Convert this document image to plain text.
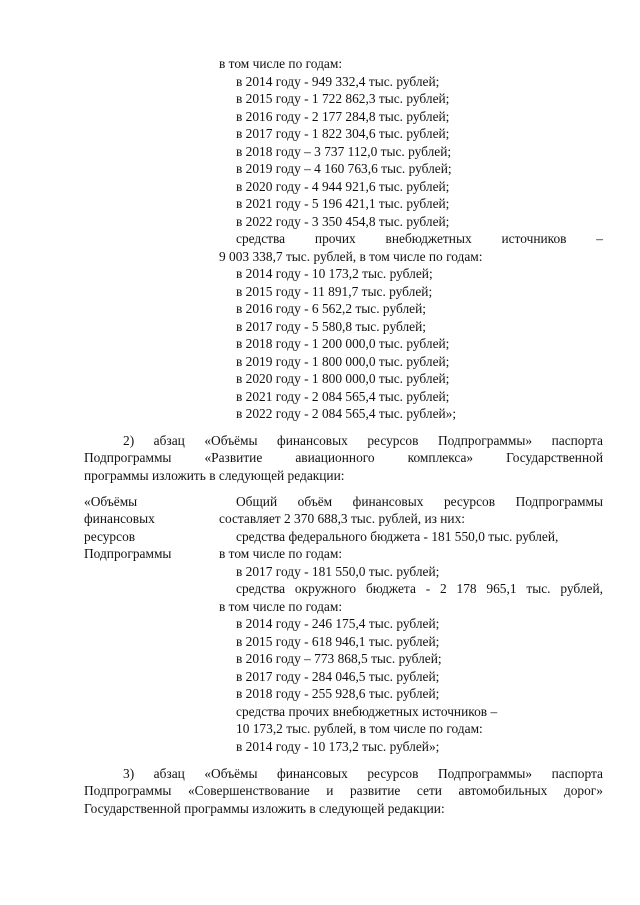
в том числе по годам:
в 2014 году - 949 332,4 тыс. рублей;
в 2015 году - 1 722 862,3 тыс. рублей;
в 2016 году - 2 177 284,8 тыс. рублей;
в 2017 году - 1 822 304,6 тыс. рублей;
в 2018 году – 3 737 112,0 тыс. рублей;
в 2019 году – 4 160 763,6 тыс. рублей;
в 2020 году - 4 944 921,6 тыс. рублей;
в 2021 году - 5 196 421,1 тыс. рублей;
в 2022 году - 3 350 454,8 тыс. рублей;
средства прочих внебюджетных источников –
9 003 338,7 тыс. рублей, в том числе по годам:
в 2014 году - 10 173,2 тыс. рублей;
в 2015 году - 11 891,7 тыс. рублей;
в 2016 году - 6 562,2 тыс. рублей;
в 2017 году - 5 580,8 тыс. рублей;
в 2018 году - 1 200 000,0 тыс. рублей;
в 2019 году - 1 800 000,0 тыс. рублей;
в 2020 году - 1 800 000,0 тыс. рублей;
в 2021 году - 2 084 565,4 тыс. рублей;
в 2022 году - 2 084 565,4 тыс. рублей»;
2) абзац «Объёмы финансовых ресурсов Подпрограммы» паспорта
Подпрограммы «Развитие авиационного комплекса» Государственной
программы изложить в следующей редакции:
«Объёмы
финансовых
ресурсов
Подпрограммы
Общий объём финансовых ресурсов Подпрограммы
составляет 2 370 688,3 тыс. рублей, из них:
средства федерального бюджета - 181 550,0 тыс. рублей,
в том числе по годам:
в 2017 году - 181 550,0 тыс. рублей;
средства окружного бюджета - 2 178 965,1 тыс. рублей,
в том числе по годам:
в 2014 году - 246 175,4 тыс. рублей;
в 2015 году - 618 946,1 тыс. рублей;
в 2016 году – 773 868,5 тыс. рублей;
в 2017 году - 284 046,5 тыс. рублей;
в 2018 году - 255 928,6 тыс. рублей;
средства прочих внебюджетных источников –
10 173,2 тыс. рублей, в том числе по годам:
в 2014 году - 10 173,2 тыс. рублей»;
3) абзац «Объёмы финансовых ресурсов Подпрограммы» паспорта
Подпрограммы «Совершенствование и развитие сети автомобильных дорог»
Государственной программы изложить в следующей редакции:
